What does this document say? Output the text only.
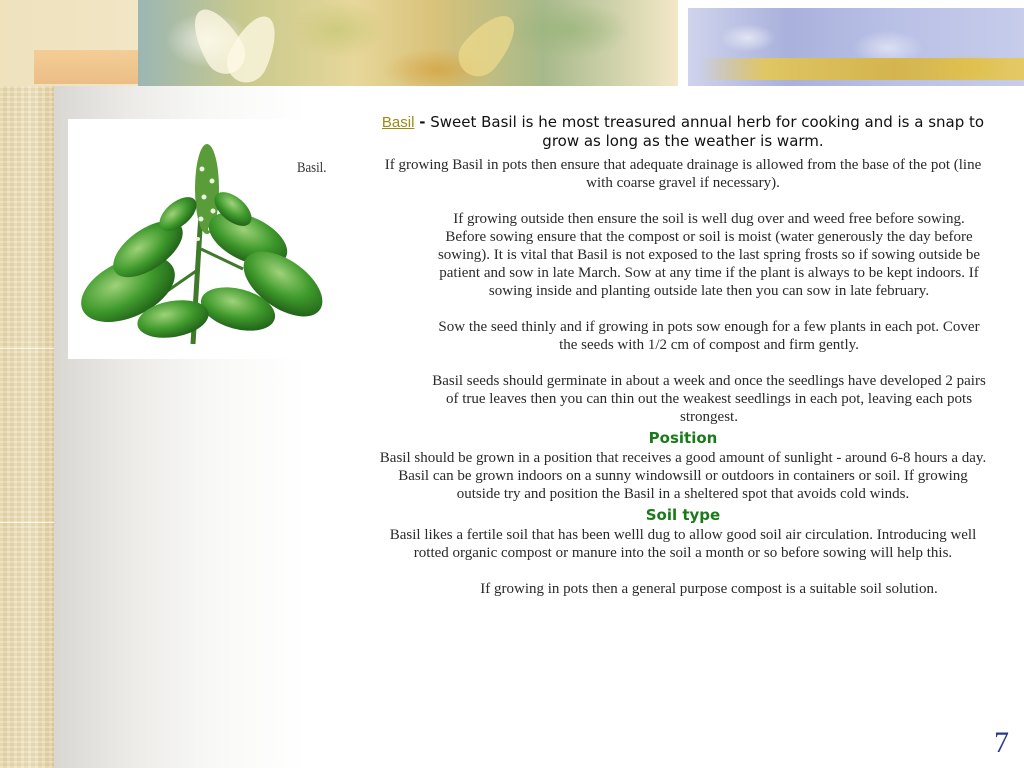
Basil.

Basil - Sweet Basil is he most treasured annual herb for cooking and is a snap to grow as long as the weather is warm.

If growing Basil in pots then ensure that adequate drainage is allowed from the base of the pot (line with coarse gravel if necessary).

If growing outside then ensure the soil is well dug over and weed free before sowing.

Before sowing ensure that the compost or soil is moist (water generously the day before sowing). It is vital that Basil is not exposed to the last spring frosts so if sowing outside be patient and sow in late March. Sow at any time if the plant is always to be kept indoors. If sowing inside and planting outside late then you can sow in late february.

Sow the seed thinly and if growing in pots sow enough for a few plants in each pot. Cover the seeds with 1/2 cm of compost and firm gently.

Basil seeds should germinate in about a week and once the seedlings have developed 2 pairs of true leaves then you can thin out the weakest seedlings in each pot, leaving each pots strongest.

Position

Basil should be grown in a position that receives a good amount of sunlight - around 6-8 hours a day. Basil can be grown indoors on a sunny windowsill or outdoors in containers or soil. If growing outside try and position the Basil in a sheltered spot that avoids cold winds.

Soil type

Basil likes a fertile soil that has been welll dug to allow good soil air circulation. Introducing well rotted organic compost or manure into the soil a month or so before sowing will help this.

If growing in pots then a general purpose compost is a suitable soil solution.

7
